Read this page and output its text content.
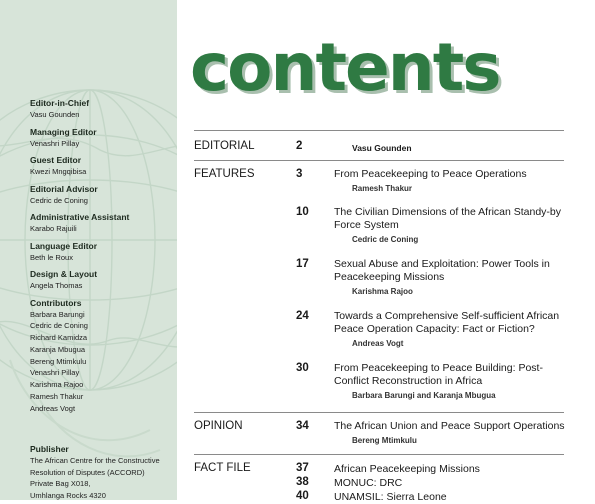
Editor-in-Chief
Vasu Gounden
Managing Editor
Venashri Pillay
Guest Editor
Kwezi Mngqibisa
Editorial Advisor
Cedric de Coning
Administrative Assistant
Karabo Rajuili
Language Editor
Beth le Roux
Design & Layout
Angela Thomas
Contributors
Barbara Barungi
Cedric de Coning
Richard Kamidza
Karanja Mbugua
Bereng Mtimkulu
Venashri Pillay
Karishma Rajoo
Ramesh Thakur
Andreas Vogt
Publisher
The African Centre for the Constructive
Resolution of Disputes (ACCORD)
Private Bag X018,
Umhlanga Rocks 4320
contents
EDITORIAL	2	Vasu Gounden
FEATURES	3	From Peacekeeping to Peace Operations
Ramesh Thakur
10	The Civilian Dimensions of the African Standy-by Force System
Cedric de Coning
17	Sexual Abuse and Exploitation: Power Tools in Peacekeeping Missions
Karishma Rajoo
24	Towards a Comprehensive Self-sufficient African Peace Operation Capacity: Fact or Fiction?
Andreas Vogt
30	From Peacekeeping to Peace Building: Post-Conflict Reconstruction in Africa
Barbara Barungi and Karanja Mbugua
OPINION	34	The African Union and Peace Support Operations
Bereng Mtimkulu
FACT FILE	37	African Peacekeeping Missions
38	MONUC: DRC
40	UNAMSIL: Sierra Leone
